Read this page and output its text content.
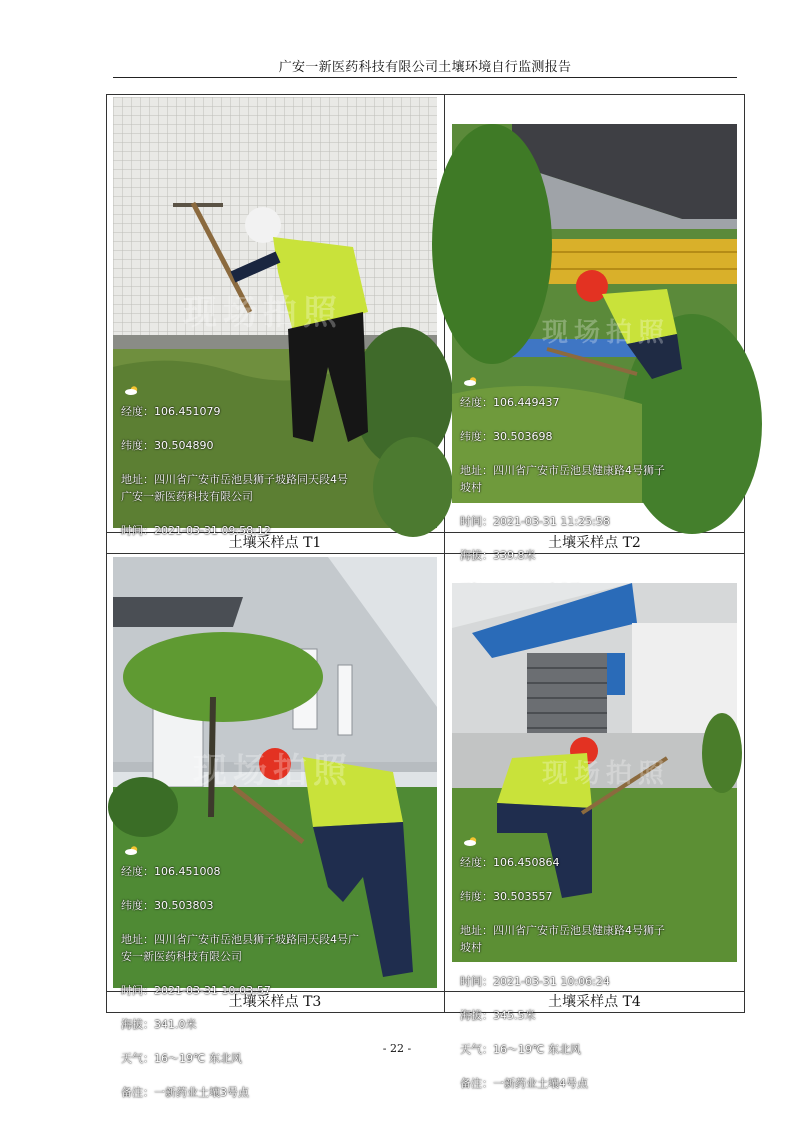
广安一新医药科技有限公司土壤环境自行监测报告
现场拍照

经度：106.451079

纬度：30.504890

地址：四川省广安市岳池县狮子坡路同天段4号广安一新医药科技有限公司

时间：2021-03-31 09:58:12

现场拍照

经度：106.449437

纬度：30.503698

地址：四川省广安市岳池县健康路4号狮子坡村

时间：2021-03-31 11:25:58

海拔：339.8米

现场拍照

经度：106.451008

纬度：30.503803

地址：四川省广安市岳池县狮子坡路同天段4号广安一新医药科技有限公司

时间：2021-03-31 10:03:57

海拔：341.0米

天气：
16～19℃ 东北风

备注：一新药业土壤3号点

现场拍照

经度：106.450864

纬度：30.503557

地址：四川省广安市岳池县健康路4号狮子坡村

时间：2021-03-31 10:06:24

海拔：345.5米

天气：
16～19℃ 东北风

备注：一新药业土壤4号点

土壤采样点 T1	土壤采样点 T2
土壤采样点 T3	土壤采样点 T4
- 22 -
